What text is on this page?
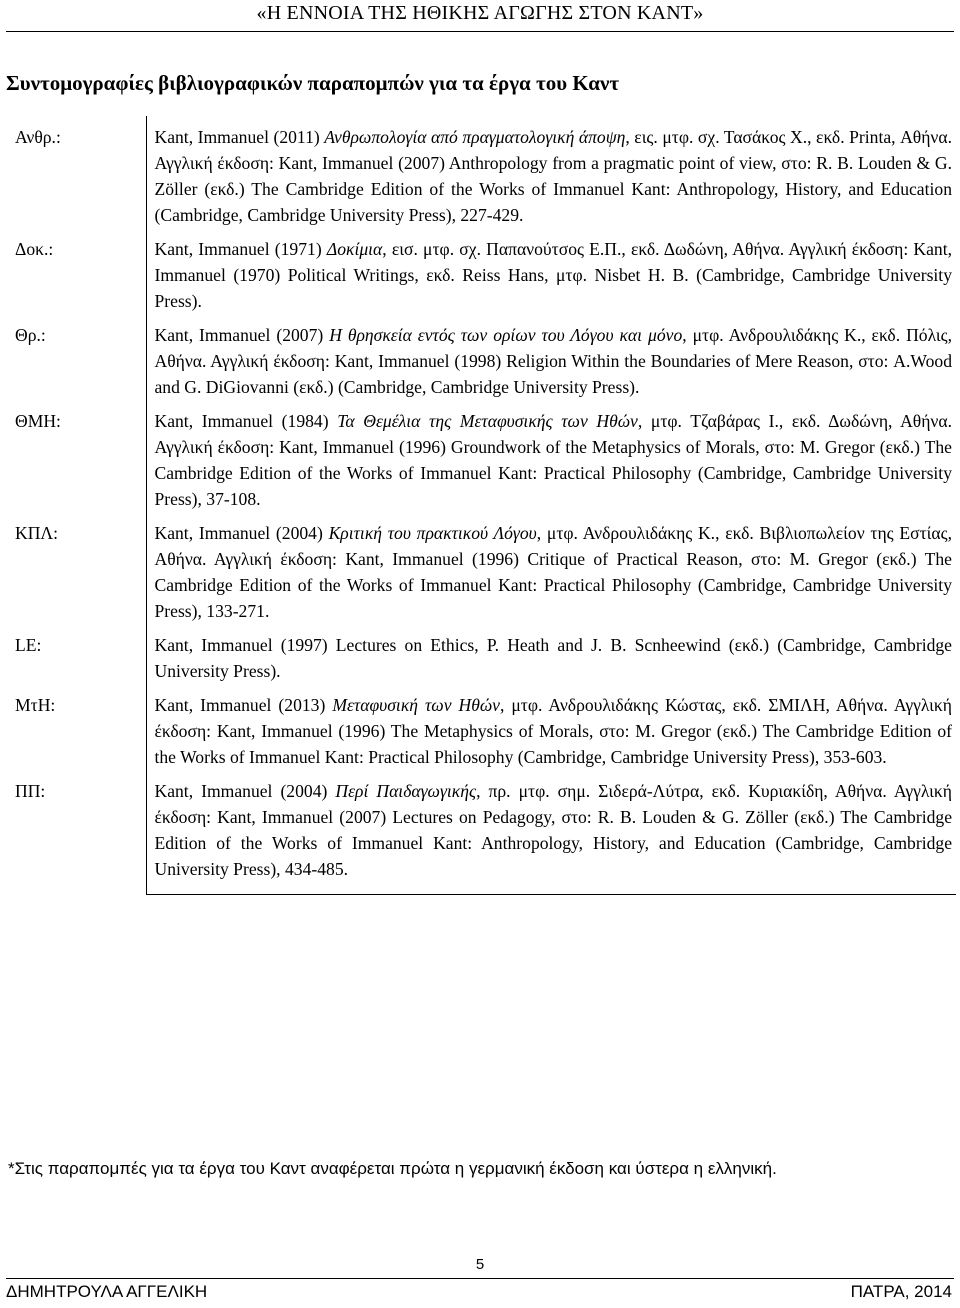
«Η ΕΝΝΟΙΑ ΤΗΣ ΗΘΙΚΗΣ ΑΓΩΓΗΣ ΣΤΟΝ ΚΑΝΤ»
Συντομογραφίες βιβλιογραφικών παραπομπών για τα έργα του Καντ
Ανθρ.:	Kant, Immanuel (2011) Ανθρωπολογία από πραγματολογική άποψη, εις. μτφ. σχ. Τασάκος Χ., εκδ. Printa, Αθήνα. Αγγλική έκδοση: Kant, Immanuel (2007) Anthropology from a pragmatic point of view, στο: R. B. Louden & G. Zöller (εκδ.) The Cambridge Edition of the Works of Immanuel Kant: Anthropology, History, and Education (Cambridge, Cambridge University Press), 227-429.
Δοκ.:	Kant, Immanuel (1971) Δοκίμια, εισ. μτφ. σχ. Παπανούτσος Ε.Π., εκδ. Δωδώνη, Αθήνα. Αγγλική έκδοση: Kant, Immanuel (1970) Political Writings, εκδ. Reiss Hans, μτφ. Nisbet H. B. (Cambridge, Cambridge University Press).
Θρ.:	Kant, Immanuel (2007) Η θρησκεία εντός των ορίων του Λόγου και μόνο, μτφ. Ανδρουλιδάκης Κ., εκδ. Πόλις, Αθήνα. Αγγλική έκδοση: Kant, Immanuel (1998) Religion Within the Boundaries of Mere Reason, στο: A.Wood and G. DiGiovanni (εκδ.) (Cambridge, Cambridge University Press).
ΘΜΗ:	Kant, Immanuel (1984) Τα Θεμέλια της Μεταφυσικής των Ηθών, μτφ. Τζαβάρας Ι., εκδ. Δωδώνη, Αθήνα. Αγγλική έκδοση: Kant, Immanuel (1996) Groundwork of the Metaphysics of Morals, στο: M. Gregor (εκδ.) The Cambridge Edition of the Works of Immanuel Kant: Practical Philosophy (Cambridge, Cambridge University Press), 37-108.
ΚΠΛ:	Kant, Immanuel (2004) Κριτική του πρακτικού Λόγου, μτφ. Ανδρουλιδάκης Κ., εκδ. Βιβλιοπωλείον της Εστίας, Αθήνα. Αγγλική έκδοση: Kant, Immanuel (1996) Critique of Practical Reason, στο: M. Gregor (εκδ.) The Cambridge Edition of the Works of Immanuel Kant: Practical Philosophy (Cambridge, Cambridge University Press), 133-271.
LE:	Kant, Immanuel (1997) Lectures on Ethics, P. Heath and J. B. Scnheewind (εκδ.) (Cambridge, Cambridge University Press).
ΜτΗ:	Kant, Immanuel (2013) Μεταφυσική των Ηθών, μτφ. Ανδρουλιδάκης Κώστας, εκδ. ΣΜΙΛΗ, Αθήνα. Αγγλική έκδοση: Kant, Immanuel (1996) The Metaphysics of Morals, στο: M. Gregor (εκδ.) The Cambridge Edition of the Works of Immanuel Kant: Practical Philosophy (Cambridge, Cambridge University Press), 353-603.
ΠΠ:	Kant, Immanuel (2004) Περί Παιδαγωγικής, πρ. μτφ. σημ. Σιδερά-Λύτρα, εκδ. Κυριακίδη, Αθήνα. Αγγλική έκδοση: Kant, Immanuel (2007) Lectures on Pedagogy, στο: R. B. Louden & G. Zöller (εκδ.) The Cambridge Edition of the Works of Immanuel Kant: Anthropology, History, and Education (Cambridge, Cambridge University Press), 434-485.
*Στις παραπομπές για τα έργα του Καντ αναφέρεται πρώτα η γερμανική έκδοση και ύστερα η ελληνική.
5
ΔΗΜΗΤΡΟΥΛΑ ΑΓΓΕΛΙΚΗ	ΠΑΤΡΑ, 2014
